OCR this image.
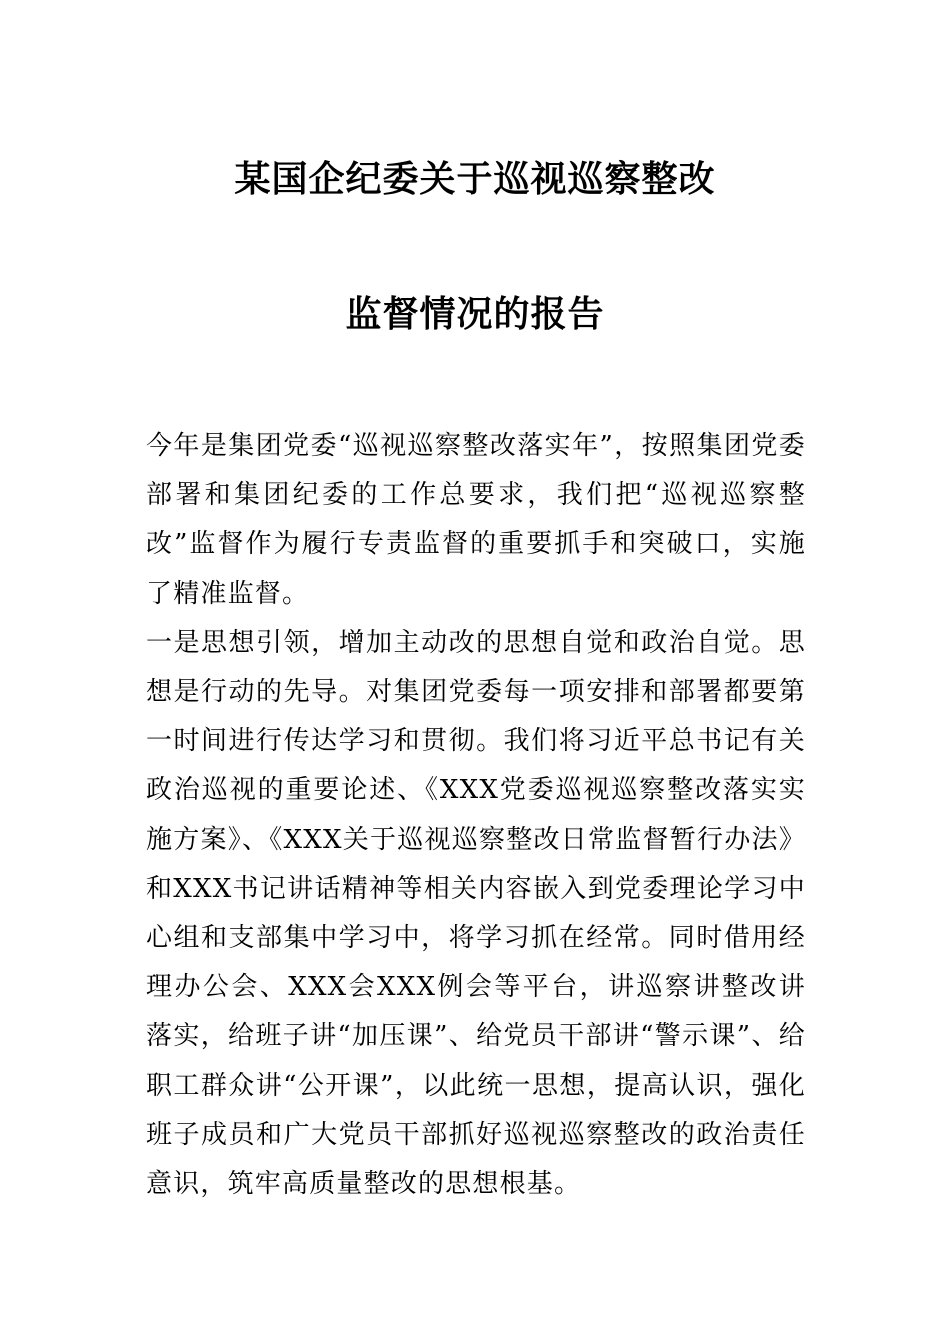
某国企纪委关于巡视巡察整改
监督情况的报告

今年是集团党委“巡视巡察整改落实年”，按照集团党委部署和集团纪委的工作总要求，我们把“巡视巡察整改”监督作为履行专责监督的重要抓手和突破口，实施了精准监督。

一是思想引领，增加主动改的思想自觉和政治自觉。思想是行动的先导。对集团党委每一项安排和部署都要第一时间进行传达学习和贯彻。我们将习近平总书记有关政治巡视的重要论述、《XXX党委巡视巡察整改落实实施方案》、《XXX关于巡视巡察整改日常监督暂行办法》和XXX书记讲话精神等相关内容嵌入到党委理论学习中心组和支部集中学习中，将学习抓在经常。同时借用经理办公会、XXX会XXX例会等平台，讲巡察讲整改讲落实，给班子讲“加压课”、给党员干部讲“警示课”、给职工群众讲“公开课”，以此统一思想，提高认识，强化班子成员和广大党员干部抓好巡视巡察整改的政治责任意识，筑牢高质量整改的思想根基。
